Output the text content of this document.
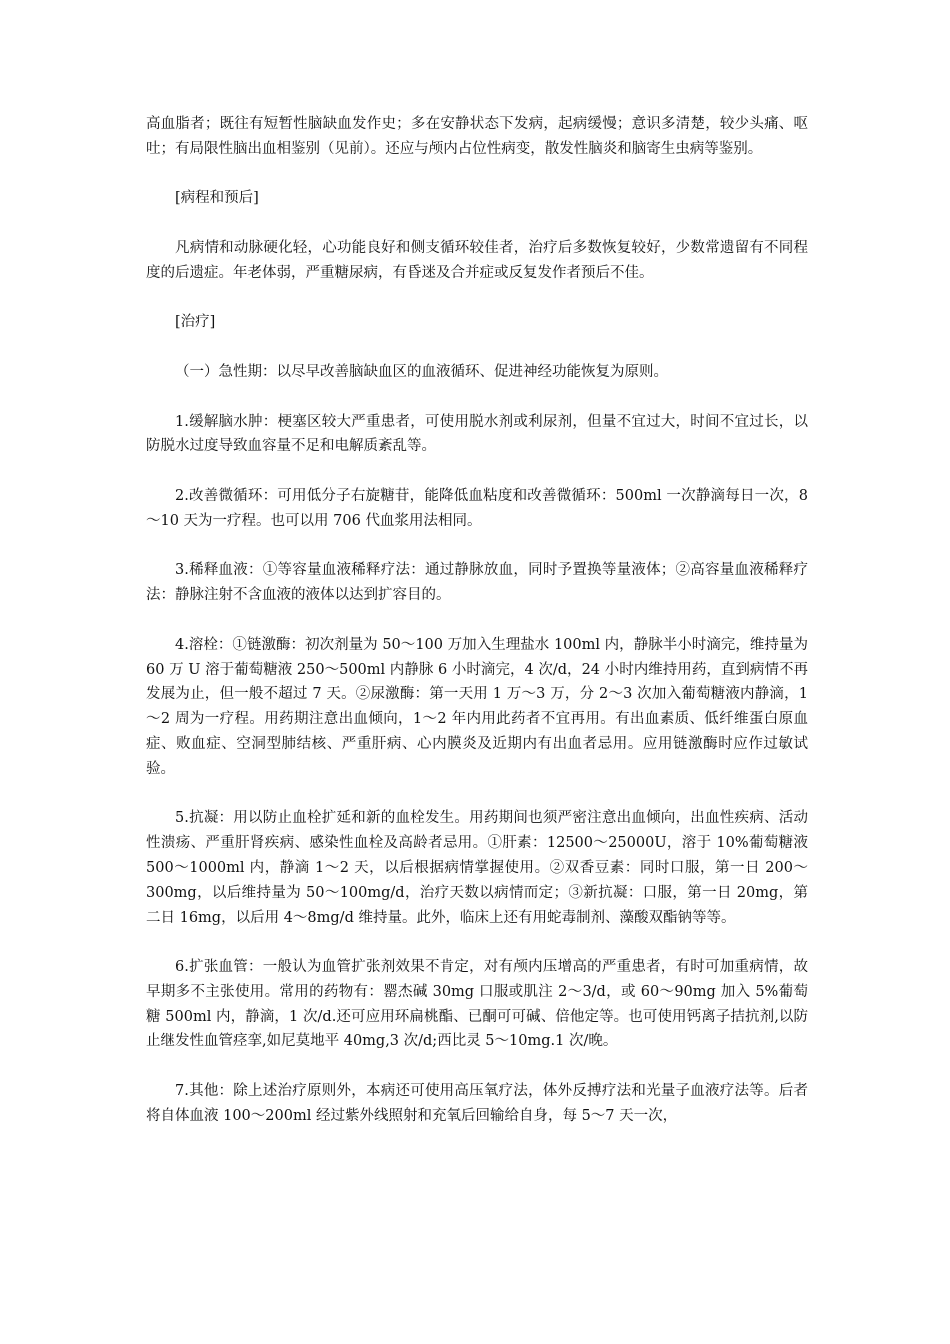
高血脂者；既往有短暂性脑缺血发作史；多在安静状态下发病，起病缓慢；意识多清楚，较少头痛、呕吐；有局限性脑出血相鉴别（见前）。还应与颅内占位性病变，散发性脑炎和脑寄生虫病等鉴别。

[病程和预后]

凡病情和动脉硬化轻，心功能良好和侧支循环较佳者，治疗后多数恢复较好，少数常遗留有不同程度的后遗症。年老体弱，严重糖尿病，有昏迷及合并症或反复发作者预后不佳。

[治疗]

（一）急性期：以尽早改善脑缺血区的血液循环、促进神经功能恢复为原则。

1.缓解脑水肿：梗塞区较大严重患者，可使用脱水剂或利尿剂，但量不宜过大，时间不宜过长，以防脱水过度导致血容量不足和电解质紊乱等。

2.改善微循环：可用低分子右旋糖苷，能降低血粘度和改善微循环：500ml 一次静滴每日一次，8～10 天为一疗程。也可以用 706 代血浆用法相同。

3.稀释血液：①等容量血液稀释疗法：通过静脉放血，同时予置换等量液体；②高容量血液稀释疗法：静脉注射不含血液的液体以达到扩容目的。

4.溶栓：①链激酶：初次剂量为 50～100 万加入生理盐水 100ml 内，静脉半小时滴完，维持量为 60 万 U 溶于葡萄糖液 250～500ml 内静脉 6 小时滴完，4 次/d，24 小时内维持用药，直到病情不再发展为止，但一般不超过 7 天。②尿激酶：第一天用 1 万～3 万，分 2～3 次加入葡萄糖液内静滴，1～2 周为一疗程。用药期注意出血倾向，1～2 年内用此药者不宜再用。有出血素质、低纤维蛋白原血症、败血症、空洞型肺结核、严重肝病、心内膜炎及近期内有出血者忌用。应用链激酶时应作过敏试验。

5.抗凝：用以防止血栓扩延和新的血栓发生。用药期间也须严密注意出血倾向，出血性疾病、活动性溃疡、严重肝肾疾病、感染性血栓及高龄者忌用。①肝素：12500～25000U，溶于 10%葡萄糖液 500～1000ml 内，静滴 1～2 天，以后根据病情掌握使用。②双香豆素：同时口服，第一日 200～300mg，以后维持量为 50～100mg/d，治疗天数以病情而定；③新抗凝：口服，第一日 20mg，第二日 16mg，以后用 4～8mg/d 维持量。此外，临床上还有用蛇毒制剂、藻酸双酯钠等等。

6.扩张血管：一般认为血管扩张剂效果不肯定，对有颅内压增高的严重患者，有时可加重病情，故早期多不主张使用。常用的药物有：罂杰碱 30mg 口服或肌注 2～3/d，或 60～90mg 加入 5%葡萄糖 500ml 内，静滴，1 次/d.还可应用环扁桃酯、已酮可可碱、倍他定等。也可使用钙离子拮抗剂,以防止继发性血管痉挛,如尼莫地平 40mg,3 次/d;西比灵 5～10mg.1 次/晚。

7.其他：除上述治疗原则外，本病还可使用高压氧疗法，体外反搏疗法和光量子血液疗法等。后者将自体血液 100～200ml 经过紫外线照射和充氧后回输给自身，每 5～7 天一次，
